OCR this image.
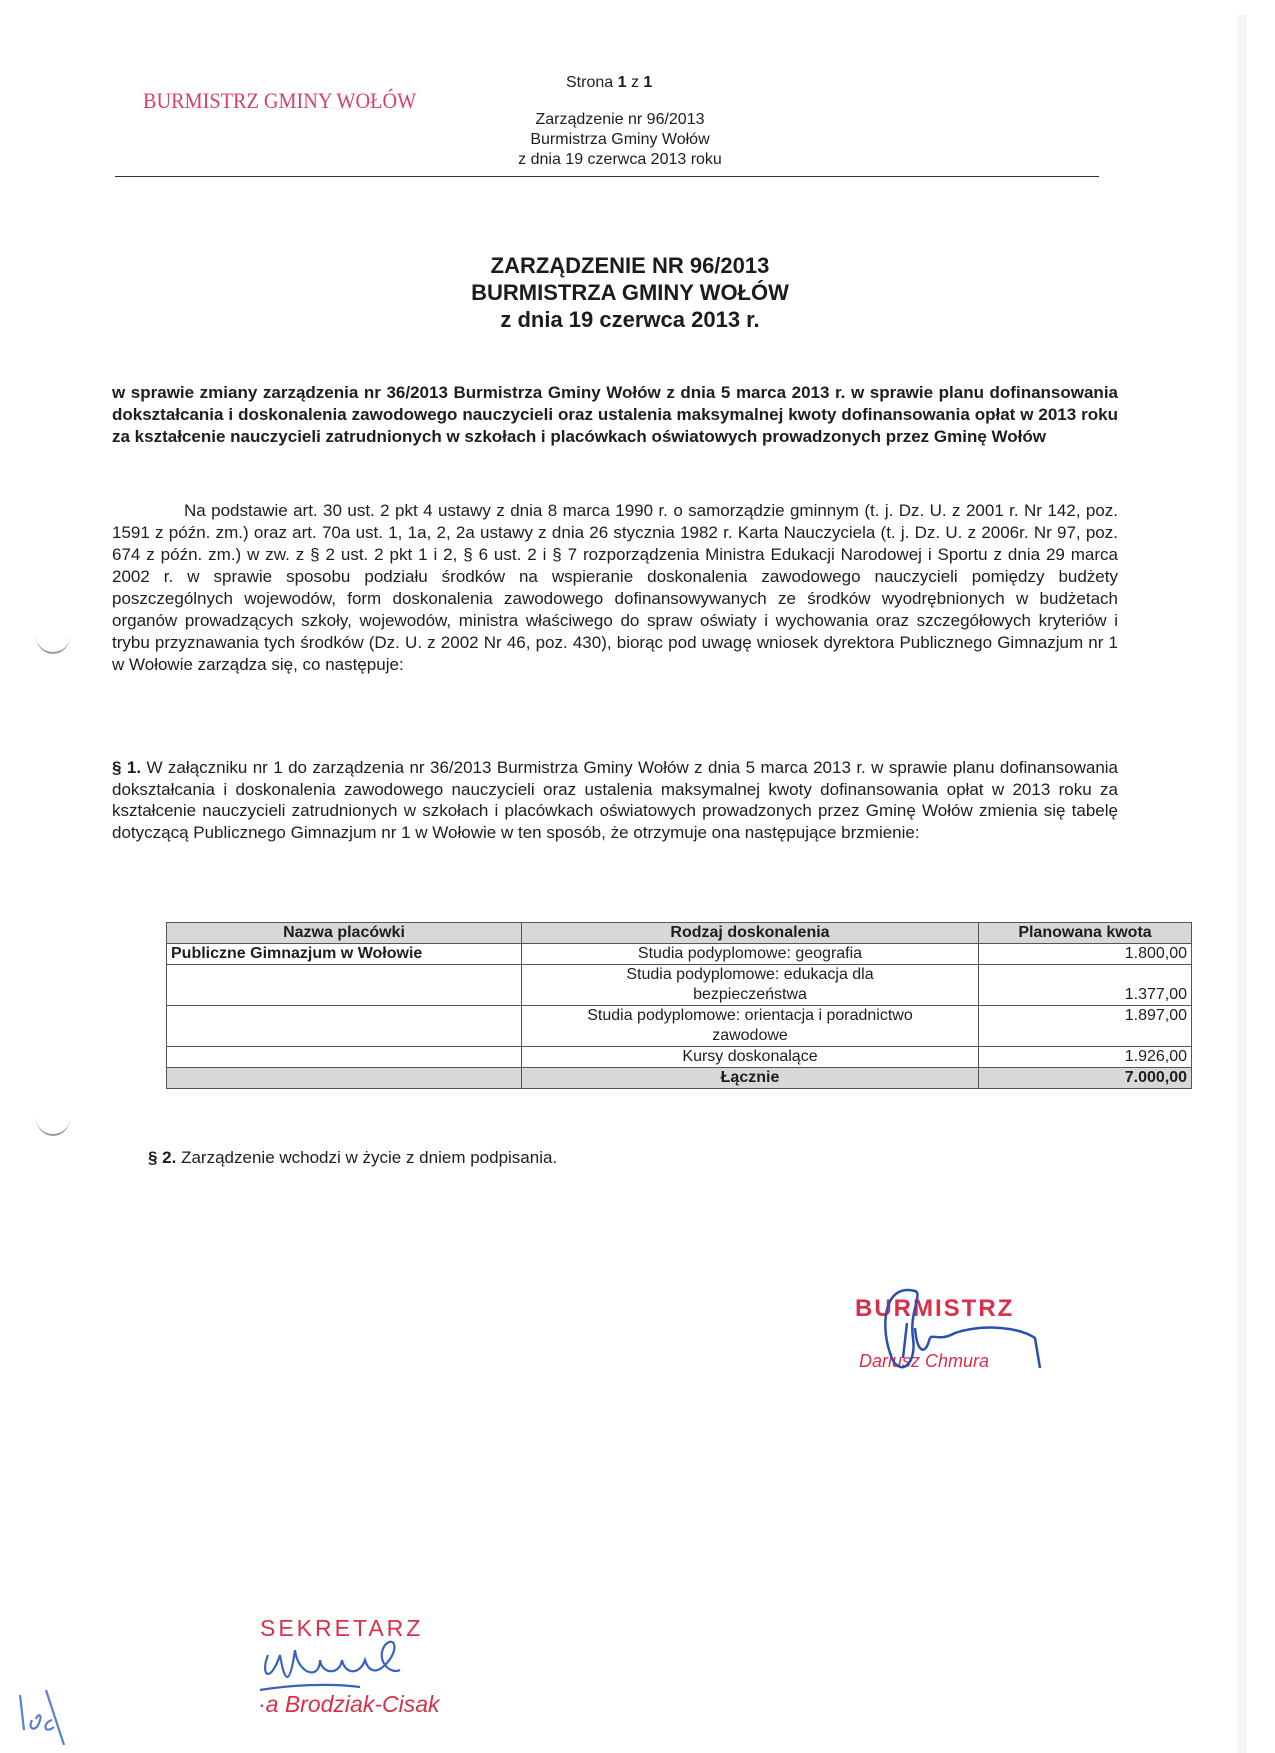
BURMISTRZ GMINY WOŁÓW
Strona 1 z 1
Zarządzenie nr 96/2013
Burmistrza Gminy Wołów
z dnia 19 czerwca 2013 roku
ZARZĄDZENIE NR 96/2013
BURMISTRZA GMINY WOŁÓW
z dnia 19 czerwca 2013 r.
w sprawie zmiany zarządzenia nr 36/2013 Burmistrza Gminy Wołów z dnia 5 marca 2013 r. w sprawie planu dofinansowania dokształcania i doskonalenia zawodowego nauczycieli oraz ustalenia maksymalnej kwoty dofinansowania opłat w 2013 roku za kształcenie nauczycieli zatrudnionych w szkołach i placówkach oświatowych prowadzonych przez Gminę Wołów
Na podstawie art. 30 ust. 2 pkt 4 ustawy z dnia 8 marca 1990 r. o samorządzie gminnym (t. j. Dz. U. z 2001 r. Nr 142, poz. 1591 z późn. zm.) oraz art. 70a ust. 1, 1a, 2, 2a ustawy z dnia 26 stycznia 1982 r. Karta Nauczyciela (t. j. Dz. U. z 2006r. Nr 97, poz. 674 z późn. zm.) w zw. z § 2 ust. 2 pkt 1 i 2, § 6 ust. 2 i § 7 rozporządzenia Ministra Edukacji Narodowej i Sportu z dnia 29 marca 2002 r. w sprawie sposobu podziału środków na wspieranie doskonalenia zawodowego nauczycieli pomiędzy budżety poszczególnych wojewodów, form doskonalenia zawodowego dofinansowywanych ze środków wyodrębnionych w budżetach organów prowadzących szkoły, wojewodów, ministra właściwego do spraw oświaty i wychowania oraz szczegółowych kryteriów i trybu przyznawania tych środków (Dz. U. z 2002 Nr 46, poz. 430), biorąc pod uwagę wniosek dyrektora Publicznego Gimnazjum nr 1 w Wołowie zarządza się, co następuje:
§ 1. W załączniku nr 1 do zarządzenia nr 36/2013 Burmistrza Gminy Wołów z dnia 5 marca 2013 r. w sprawie planu dofinansowania dokształcania i doskonalenia zawodowego nauczycieli oraz ustalenia maksymalnej kwoty dofinansowania opłat w 2013 roku za kształcenie nauczycieli zatrudnionych w szkołach i placówkach oświatowych prowadzonych przez Gminę Wołów zmienia się tabelę dotyczącą Publicznego Gimnazjum nr 1 w Wołowie w ten sposób, że otrzymuje ona następujące brzmienie:
Nazwa placówki	Rodzaj doskonalenia	Planowana kwota
Publiczne Gimnazjum w Wołowie	Studia podyplomowe: geografia	1.800,00
	Studia podyplomowe: edukacja dla bezpieczeństwa	1.377,00
	Studia podyplomowe: orientacja i poradnictwo zawodowe	1.897,00
	Kursy doskonalące	1.926,00
	Łącznie	7.000,00
§ 2. Zarządzenie wchodzi w życie z dniem podpisania.
BURMISTRZ
Dariusz Chmura
SEKRETARZ
·a Brodziak-Cisak
